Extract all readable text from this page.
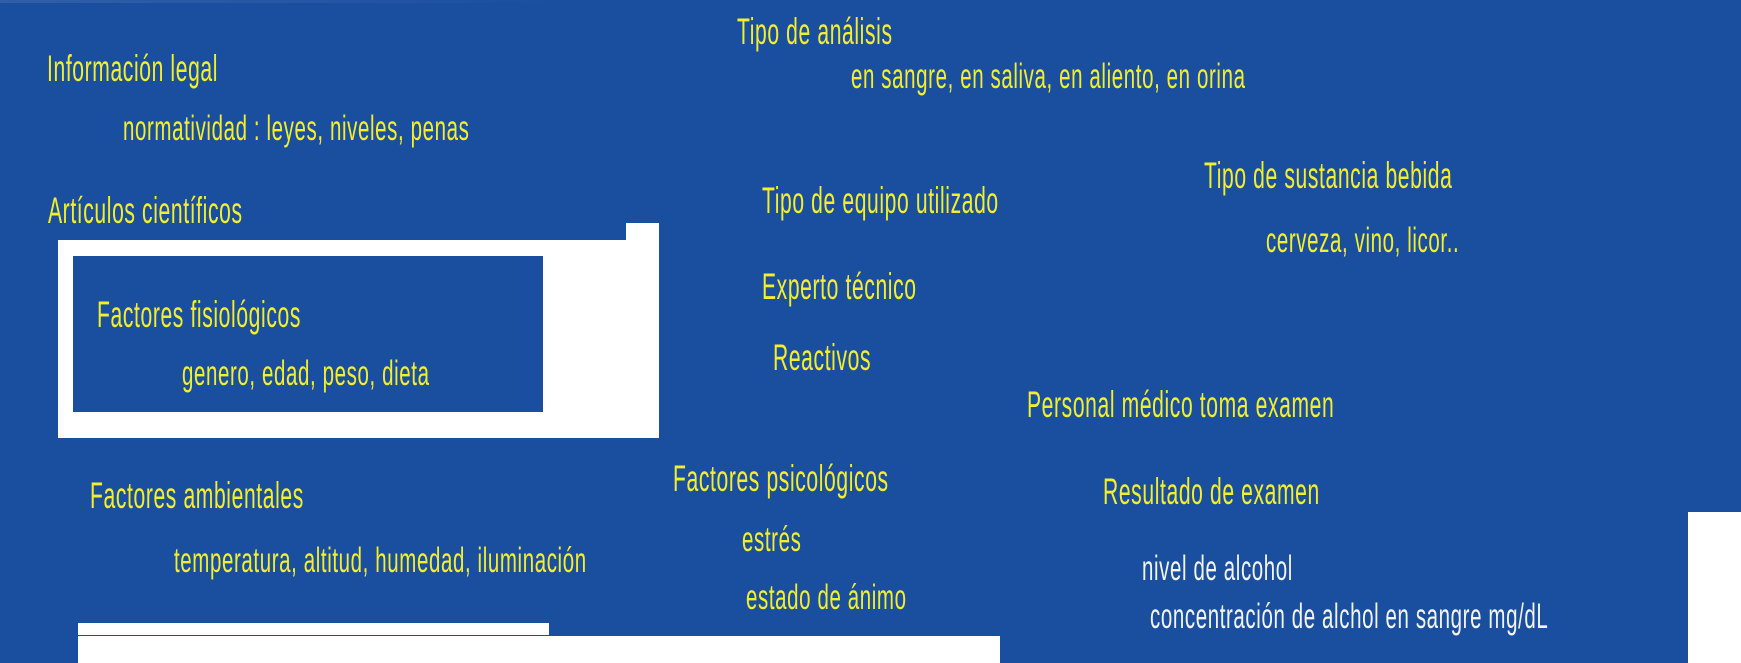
Información legal
normatividad : leyes, niveles, penas
Artículos científicos
Factores fisiológicos
genero, edad, peso, dieta
Factores ambientales
temperatura, altitud, humedad, iluminación
Tipo de análisis
en sangre, en saliva, en aliento, en orina
Tipo de equipo utilizado
Experto técnico
Reactivos
Factores psicológicos
estrés
estado de ánimo
Tipo de sustancia bebida
cerveza, vino, licor..
Personal médico toma examen
Resultado de examen
nivel de alcohol
concentración de alchol en sangre mg/dL
